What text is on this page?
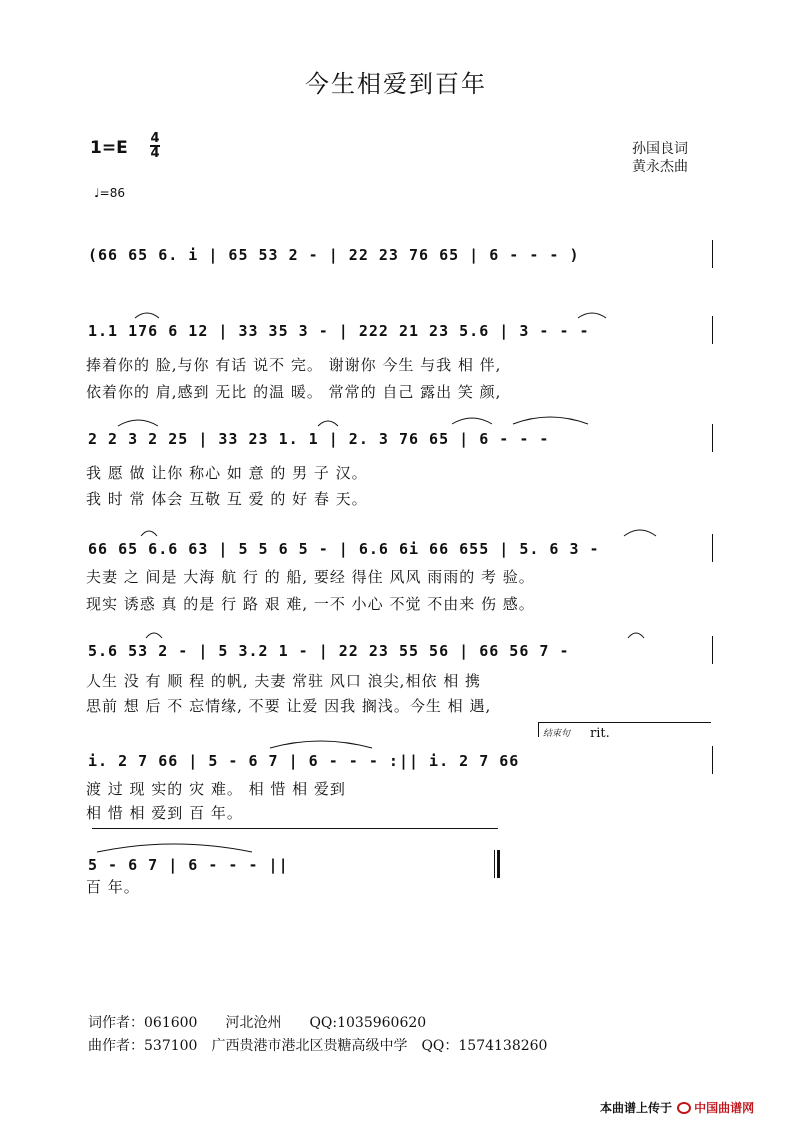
今生相爱到百年
1=E 4
4
♩=86
孙国良词
黄永杰曲
(66 65 6. i | 65 53 2 - | 22 23 76 65 | 6 - - - )
1.1 176 6 12 | 33 35 3 - | 222 21 23 5.6 | 3 - - -
捧着你的 脸,与你 有话 说不 完。 谢谢你 今生 与我 相 伴,
依着你的 肩,感到 无比 的温 暖。 常常的 自己 露出 笑 颜,
2 2 3 2 25 | 33 23 1. 1 | 2. 3 76 65 | 6 - - -
我 愿 做 让你 称心 如 意 的 男 子 汉。
我 时 常 体会 互敬 互 爱 的 好 春 天。
66 65 6.6 63 | 5 5 6 5 - | 6.6 6i 66 655 | 5. 6 3 -
夫妻 之 间是 大海 航 行 的 船, 要经 得住 风风 雨雨的 考 验。
现实 诱惑 真 的是 行 路 艰 难, 一不 小心 不觉 不由来 伤 感。
5.6 53 2 - | 5 3.2 1 - | 22 23 55 56 | 66 56 7 -
人生 没 有 顺 程 的帆, 夫妻 常驻 风口 浪尖,相依 相 携
思前 想 后 不 忘情缘, 不要 让爱 因我 搁浅。今生 相 遇,
结束句 rit.
i. 2 7 66 | 5 - 6 7 | 6 - - - :|| i. 2 7 66
渡 过 现 实的 灾 难。 相 惜 相 爱到
相 惜 相 爱到 百 年。
5 - 6 7 | 6 - - - ||
百 年。
词作者：061600　　河北沧州　　QQ:1035960620
曲作者：537100　广西贵港市港北区贵糖高级中学　QQ：1574138260
本曲谱上传于 中国曲谱网
